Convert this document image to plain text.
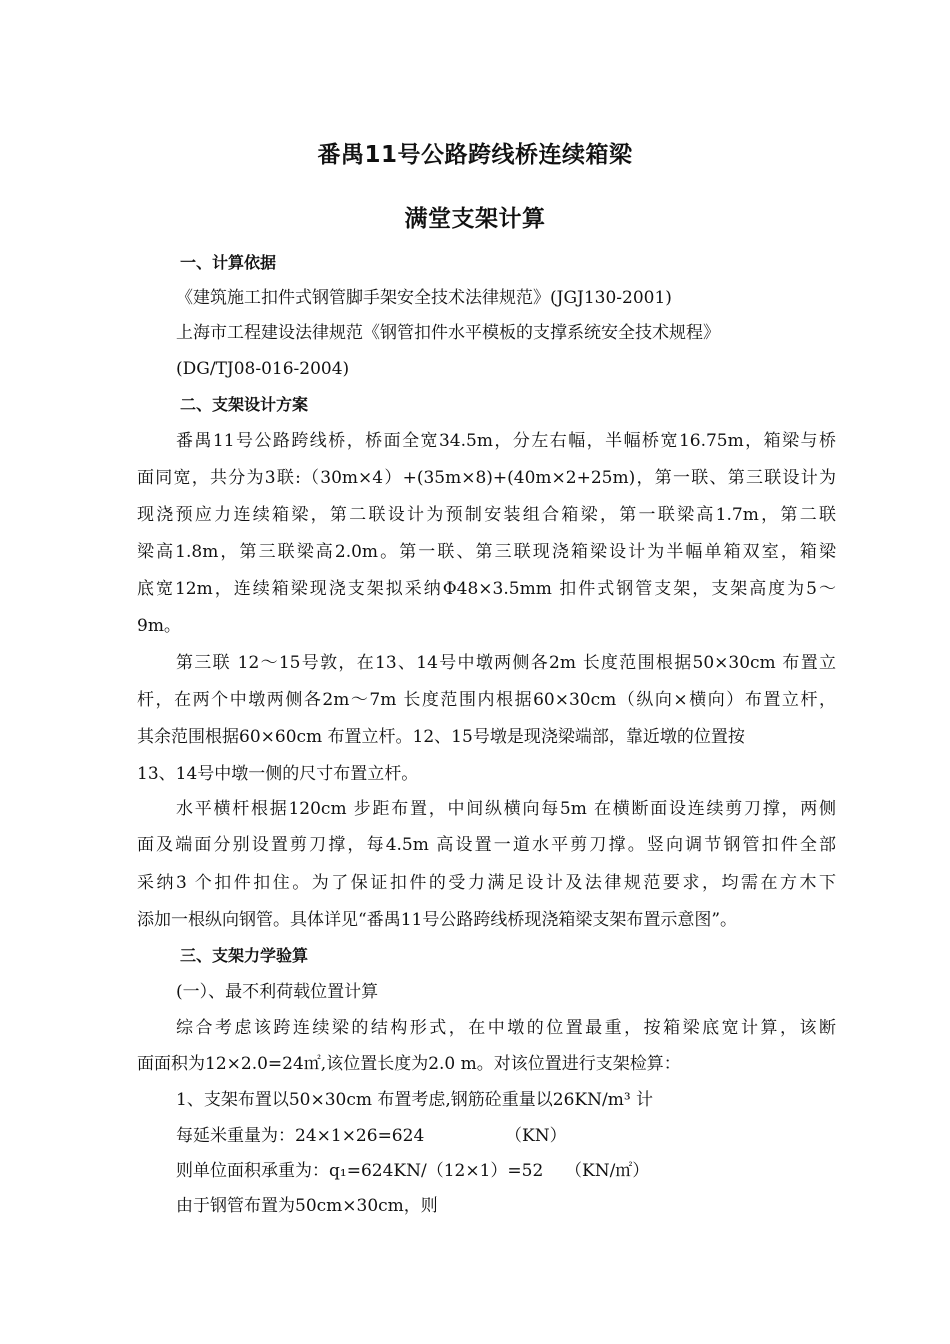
番禺11号公路跨线桥连续箱梁
满堂支架计算
一、计算依据
《建筑施工扣件式钢管脚手架安全技术法律规范》(JGJ130-2001)
上海市工程建设法律规范《钢管扣件水平模板的支撑系统安全技术规程》
(DG/TJ08-016-2004)
二、支架设计方案
番禺11号公路跨线桥，桥面全宽34.5m，分左右幅，半幅桥宽16.75m，箱梁与桥
面同宽，共分为3联:（30m×4）+(35m×8)+(40m×2+25m)，第一联、第三联设计为
现浇预应力连续箱梁，第二联设计为预制安装组合箱梁，第一联梁高1.7m，第二联
梁高1.8m，第三联梁高2.0m。第一联、第三联现浇箱梁设计为半幅单箱双室，箱梁
底宽12m，连续箱梁现浇支架拟采纳Φ48×3.5mm 扣件式钢管支架，支架高度为5～
9m。
第三联 12～15号敦，在13、14号中墩两侧各2m 长度范围根据50×30cm 布置立
杆，在两个中墩两侧各2m～7m 长度范围内根据60×30cm（纵向×横向）布置立杆，
其余范围根据60×60cm 布置立杆。12、15号墩是现浇梁端部，靠近墩的位置按
13、14号中墩一侧的尺寸布置立杆。
水平横杆根据120cm 步距布置，中间纵横向每5m 在横断面设连续剪刀撑，两侧
面及端面分别设置剪刀撑，每4.5m 高设置一道水平剪刀撑。竖向调节钢管扣件全部
采纳3 个扣件扣住。为了保证扣件的受力满足设计及法律规范要求，均需在方木下
添加一根纵向钢管。具体详见“番禺11号公路跨线桥现浇箱梁支架布置示意图”。
三、支架力学验算
(一）、最不利荷载位置计算
综合考虑该跨连续梁的结构形式，在中墩的位置最重，按箱梁底宽计算，该断
面面积为12×2.0=24㎡,该位置长度为2.0 m。对该位置进行支架检算：
1、支架布置以50×30cm 布置考虑,钢筋砼重量以26KN/m³ 计
每延米重量为：24×1×26=624	（KN）
则单位面积承重为：q₁=624KN/（12×1）=52 （KN/㎡）
由于钢管布置为50cm×30cm，则
